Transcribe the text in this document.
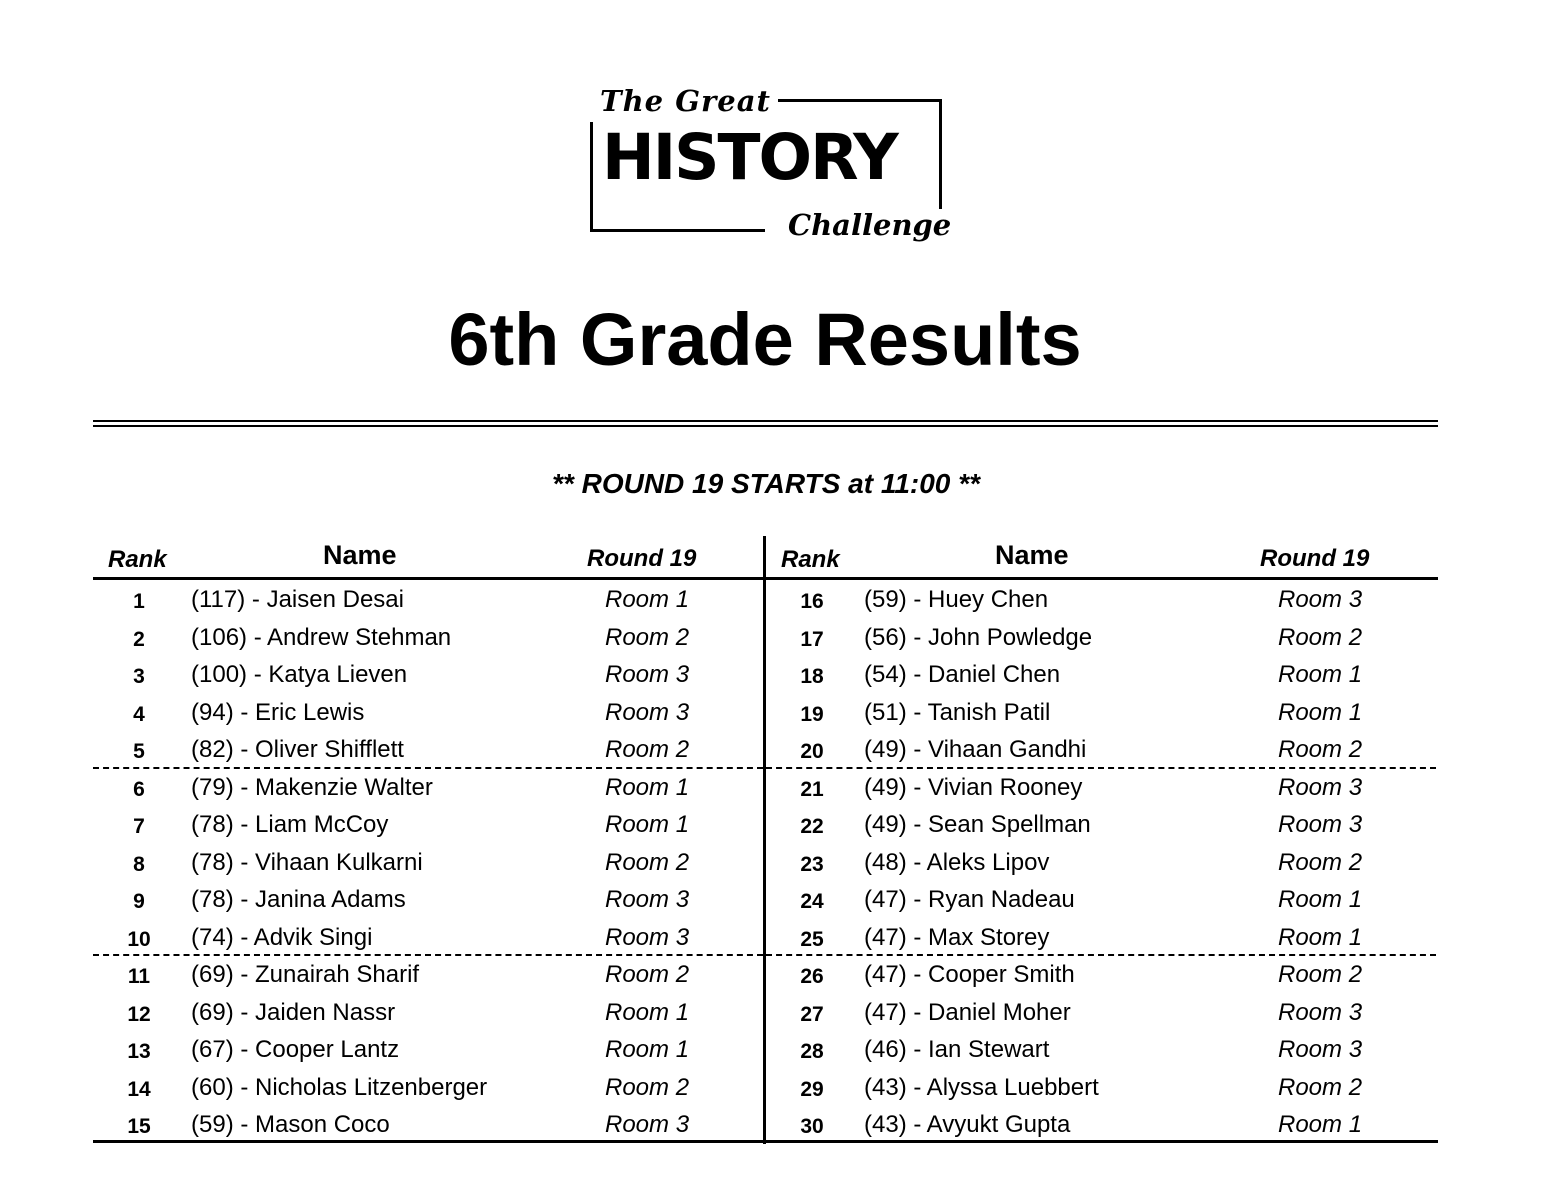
The Great
HISTORY
Challenge
6th Grade Results
** ROUND 19 STARTS at 11:00 **
Rank	Name	Round 19
1	(117) - Jaisen Desai	Room 1
2	(106) - Andrew Stehman	Room 2
3	(100) - Katya Lieven	Room 3
4	(94) - Eric Lewis	Room 3
5	(82) - Oliver Shifflett	Room 2
6	(79) - Makenzie Walter	Room 1
7	(78) - Liam McCoy	Room 1
8	(78) - Vihaan Kulkarni	Room 2
9	(78) - Janina Adams	Room 3
10	(74) - Advik Singi	Room 3
11	(69) - Zunairah Sharif	Room 2
12	(69) - Jaiden Nassr	Room 1
13	(67) - Cooper Lantz	Room 1
14	(60) - Nicholas Litzenberger	Room 2
15	(59) - Mason Coco	Room 3
Rank	Name	Round 19
16	(59) - Huey Chen	Room 3
17	(56) - John Powledge	Room 2
18	(54) - Daniel Chen	Room 1
19	(51) - Tanish Patil	Room 1
20	(49) - Vihaan Gandhi	Room 2
21	(49) - Vivian Rooney	Room 3
22	(49) - Sean Spellman	Room 3
23	(48) - Aleks Lipov	Room 2
24	(47) - Ryan Nadeau	Room 1
25	(47) - Max Storey	Room 1
26	(47) - Cooper Smith	Room 2
27	(47) - Daniel Moher	Room 3
28	(46) - Ian Stewart	Room 3
29	(43) - Alyssa Luebbert	Room 2
30	(43) - Avyukt Gupta	Room 1
